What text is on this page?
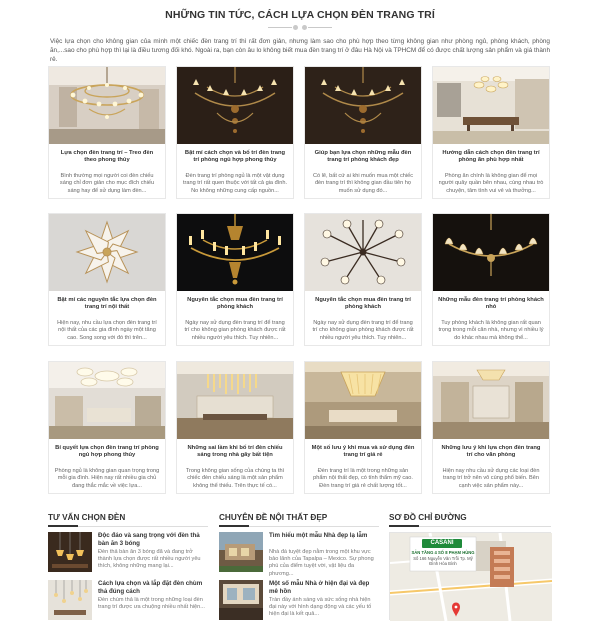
NHỮNG TIN TỨC, CÁCH LỰA CHỌN ĐÈN TRANG TRÍ

Việc lựa chọn cho không gian của mình một chiếc đèn trang trí thì rất đơn giản, nhưng làm sao cho phù hợp theo từng không gian như phòng ngủ, phòng khách, phòng ăn,...sao cho phù hợp thì lại là điều tương đối khó. Ngoài ra, bạn còn âu lo không biết mua đèn trang trí ở đâu Hà Nội và TPHCM để có được chất lượng sản phẩm và giá thành rẻ.

Lựa chọn đèn trang trí – Treo đèn theo phong thủy
Bình thường mọi người coi đèn chiếu sáng chỉ đơn giản cho mục đích chiếu sáng hay để sử dụng làm đèn...
Bật mí cách chọn và bố trí đèn trang trí phòng ngủ hợp phong thủy
Đèn trang trí phòng ngủ là một vật dụng trang trí rất quen thuộc với tất cả gia đình. No không những cung cấp nguồn...
Giúp bạn lựa chọn những mẫu đèn trang trí phòng khách đẹp
Có lẽ, bất cứ ai khi muốn mua một chiếc đèn trang trí thì không gian đầu tiên họ muốn sử dụng đó...
Hướng dẫn cách chọn đèn trang trí phòng ăn phù hợp nhất
Phòng ăn chính là không gian để mọi người quây quần bên nhau, cùng nhau trò chuyện, tâm tình vui vẻ và thưởng...
Bật mí các nguyên tắc lựa chọn đèn trang trí nội thất
Hiện nay, nhu cầu lựa chọn đèn trang trí nội thất của các gia đình ngày một tăng cao. Song song với đó thì trên...
Nguyên tắc chọn mua đèn trang trí phòng khách
Ngày nay sử dụng đèn trang trí để trang trí cho không gian phòng khách được rất nhiều người yêu thích. Tuy nhiên...
Nguyên tắc chọn mua đèn trang trí phòng khách
Ngày nay sử dụng đèn trang trí để trang trí cho không gian phòng khách được rất nhiều người yêu thích. Tuy nhiên...
Những mẫu đèn trang trí phòng khách nhỏ
Tuy phòng khách là không gian rất quan trọng trong mỗi căn nhà, nhưng vì nhiều lý do khác nhau mà không thể...
Bí quyết lựa chọn đèn trang trí phòng ngủ hợp phong thủy
Phòng ngủ là không gian quan trọng trong mỗi gia đình. Hiện nay rất nhiều gia chủ đang thắc mắc về việc lựa...
Những sai lầm khi bố trí đèn chiếu sáng trong nhà gây bất tiện
Trong không gian sống của chúng ta thì chiếc đèn chiếu sáng là một sản phẩm không thể thiếu. Trên thực tế có...
Một số lưu ý khi mua và sử dụng đèn trang trí giá rẻ
Đèn trang trí là một trong những sản phẩm nội thất đẹp, có tính thẩm mỹ cao. Đèn trang trí giá rẻ chất lượng tốt...
Những lưu ý khi lựa chọn đèn trang trí cho văn phòng
Hiện nay nhu cầu sử dụng các loại đèn trang trí trở nên vô cùng phổ biến. Bên cạnh việc sản phẩm này...
TƯ VẤN CHỌN ĐÈN
Độc đáo và sang trọng với đèn thả bàn ăn 3 bóng
Đèn thả bàn ăn 3 bóng đã và đang trở thành lựa chọn được rất nhiều người yêu thích, không những mang lại...
Cách lựa chọn và lắp đặt đèn chùm thả đúng cách
Đèn chùm thả là một trong những loại đèn trang trí được ưa chuộng nhiều nhất hiện...
CHUYÊN ĐỀ NỘI THẤT ĐẸP
Tìm hiểu một mẫu Nhà đẹp lạ lẫm
Nhà đá tuyệt đẹp nằm trong một khu vực bảo lãnh của Tapalpa – Mexico. Sự phong phú của điểm tuyệt vời, vật liệu đa phương...
Một số mẫu Nhà ở hiện đại và đẹp mê hồn
Tràn đầy ánh sáng và sức sống nhà hiện đại này với hình dạng động và các yếu tố hiện đại là kết quả...
SƠ ĐỒ CHỈ ĐƯỜNG
CASANI
SẢN TẦNG 4 SỐ 8 PHẠM HÙNG
Số 166 Nguyễn Văn Trỗi Tp. Mỹ Đình Hòa Bình
